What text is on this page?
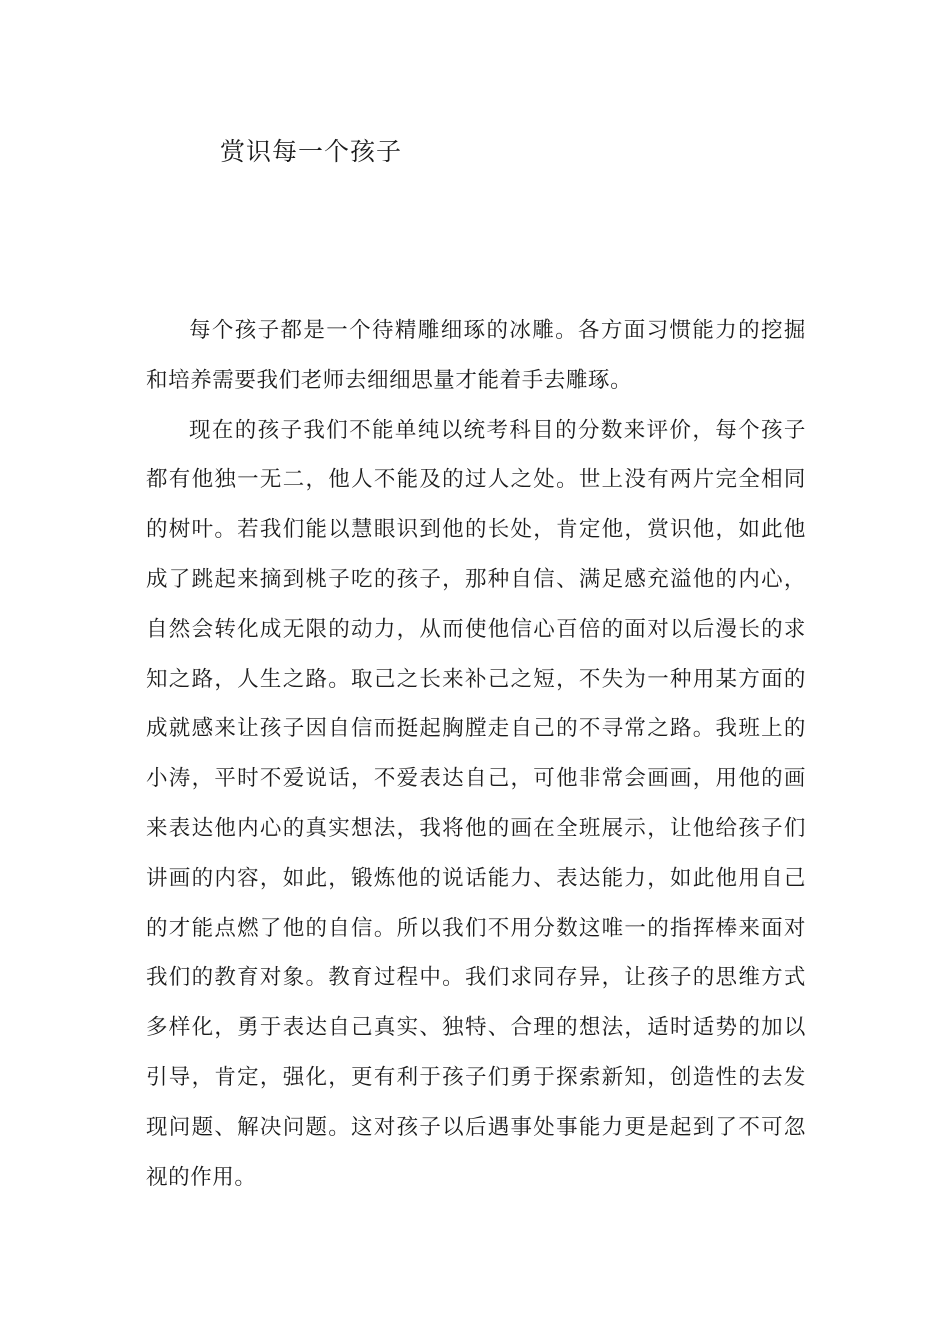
赏识每一个孩子

每个孩子都是一个待精雕细琢的冰雕。各方面习惯能力的挖掘和培养需要我们老师去细细思量才能着手去雕琢。

现在的孩子我们不能单纯以统考科目的分数来评价，每个孩子都有他独一无二，他人不能及的过人之处。世上没有两片完全相同的树叶。若我们能以慧眼识到他的长处，肯定他，赏识他，如此他成了跳起来摘到桃子吃的孩子，那种自信、满足感充溢他的内心，自然会转化成无限的动力，从而使他信心百倍的面对以后漫长的求知之路，人生之路。取己之长来补己之短，不失为一种用某方面的成就感来让孩子因自信而挺起胸膛走自己的不寻常之路。我班上的小涛，平时不爱说话，不爱表达自己，可他非常会画画，用他的画来表达他内心的真实想法，我将他的画在全班展示，让他给孩子们讲画的内容，如此，锻炼他的说话能力、表达能力，如此他用自己的才能点燃了他的自信。所以我们不用分数这唯一的指挥棒来面对我们的教育对象。教育过程中。我们求同存异，让孩子的思维方式多样化，勇于表达自己真实、独特、合理的想法，适时适势的加以引导，肯定，强化，更有利于孩子们勇于探索新知，创造性的去发现问题、解决问题。这对孩子以后遇事处事能力更是起到了不可忽视的作用。
